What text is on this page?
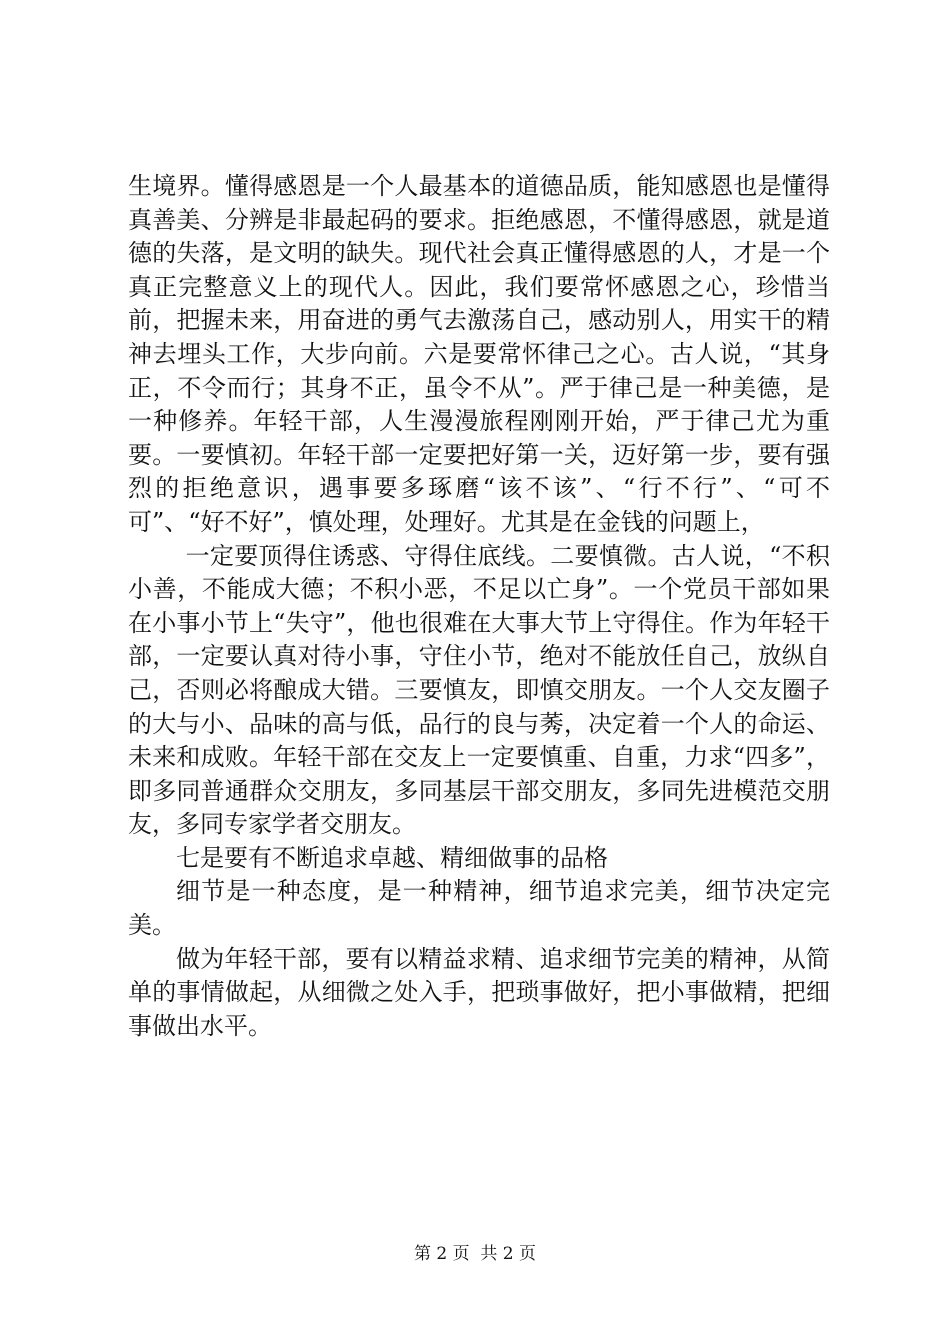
生境界。懂得感恩是一个人最基本的道德品质，能知感恩也是懂得真善美、分辨是非最起码的要求。拒绝感恩，不懂得感恩，就是道德的失落，是文明的缺失。现代社会真正懂得感恩的人，才是一个真正完整意义上的现代人。因此，我们要常怀感恩之心，珍惜当前，把握未来，用奋进的勇气去激荡自己，感动别人，用实干的精神去埋头工作，大步向前。六是要常怀律己之心。古人说，“其身正，不令而行；其身不正，虽令不从”。严于律己是一种美德，是一种修养。年轻干部，人生漫漫旅程刚刚开始，严于律己尤为重要。一要慎初。年轻干部一定要把好第一关，迈好第一步，要有强烈的拒绝意识，遇事要多琢磨“该不该”、“行不行”、“可不可”、“好不好”，慎处理，处理好。尤其是在金钱的问题上，

一定要顶得住诱惑、守得住底线。二要慎微。古人说，“不积小善，不能成大德；不积小恶，不足以亡身”。一个党员干部如果在小事小节上“失守”，他也很难在大事大节上守得住。作为年轻干部，一定要认真对待小事，守住小节，绝对不能放任自己，放纵自己，否则必将酿成大错。三要慎友，即慎交朋友。一个人交友圈子的大与小、品味的高与低，品行的良与莠，决定着一个人的命运、未来和成败。年轻干部在交友上一定要慎重、自重，力求“四多”，即多同普通群众交朋友，多同基层干部交朋友，多同先进模范交朋友，多同专家学者交朋友。

七是要有不断追求卓越、精细做事的品格

细节是一种态度，是一种精神，细节追求完美，细节决定完美。

做为年轻干部，要有以精益求精、追求细节完美的精神，从简单的事情做起，从细微之处入手，把琐事做好，把小事做精，把细事做出水平。

第 2 页  共 2 页
